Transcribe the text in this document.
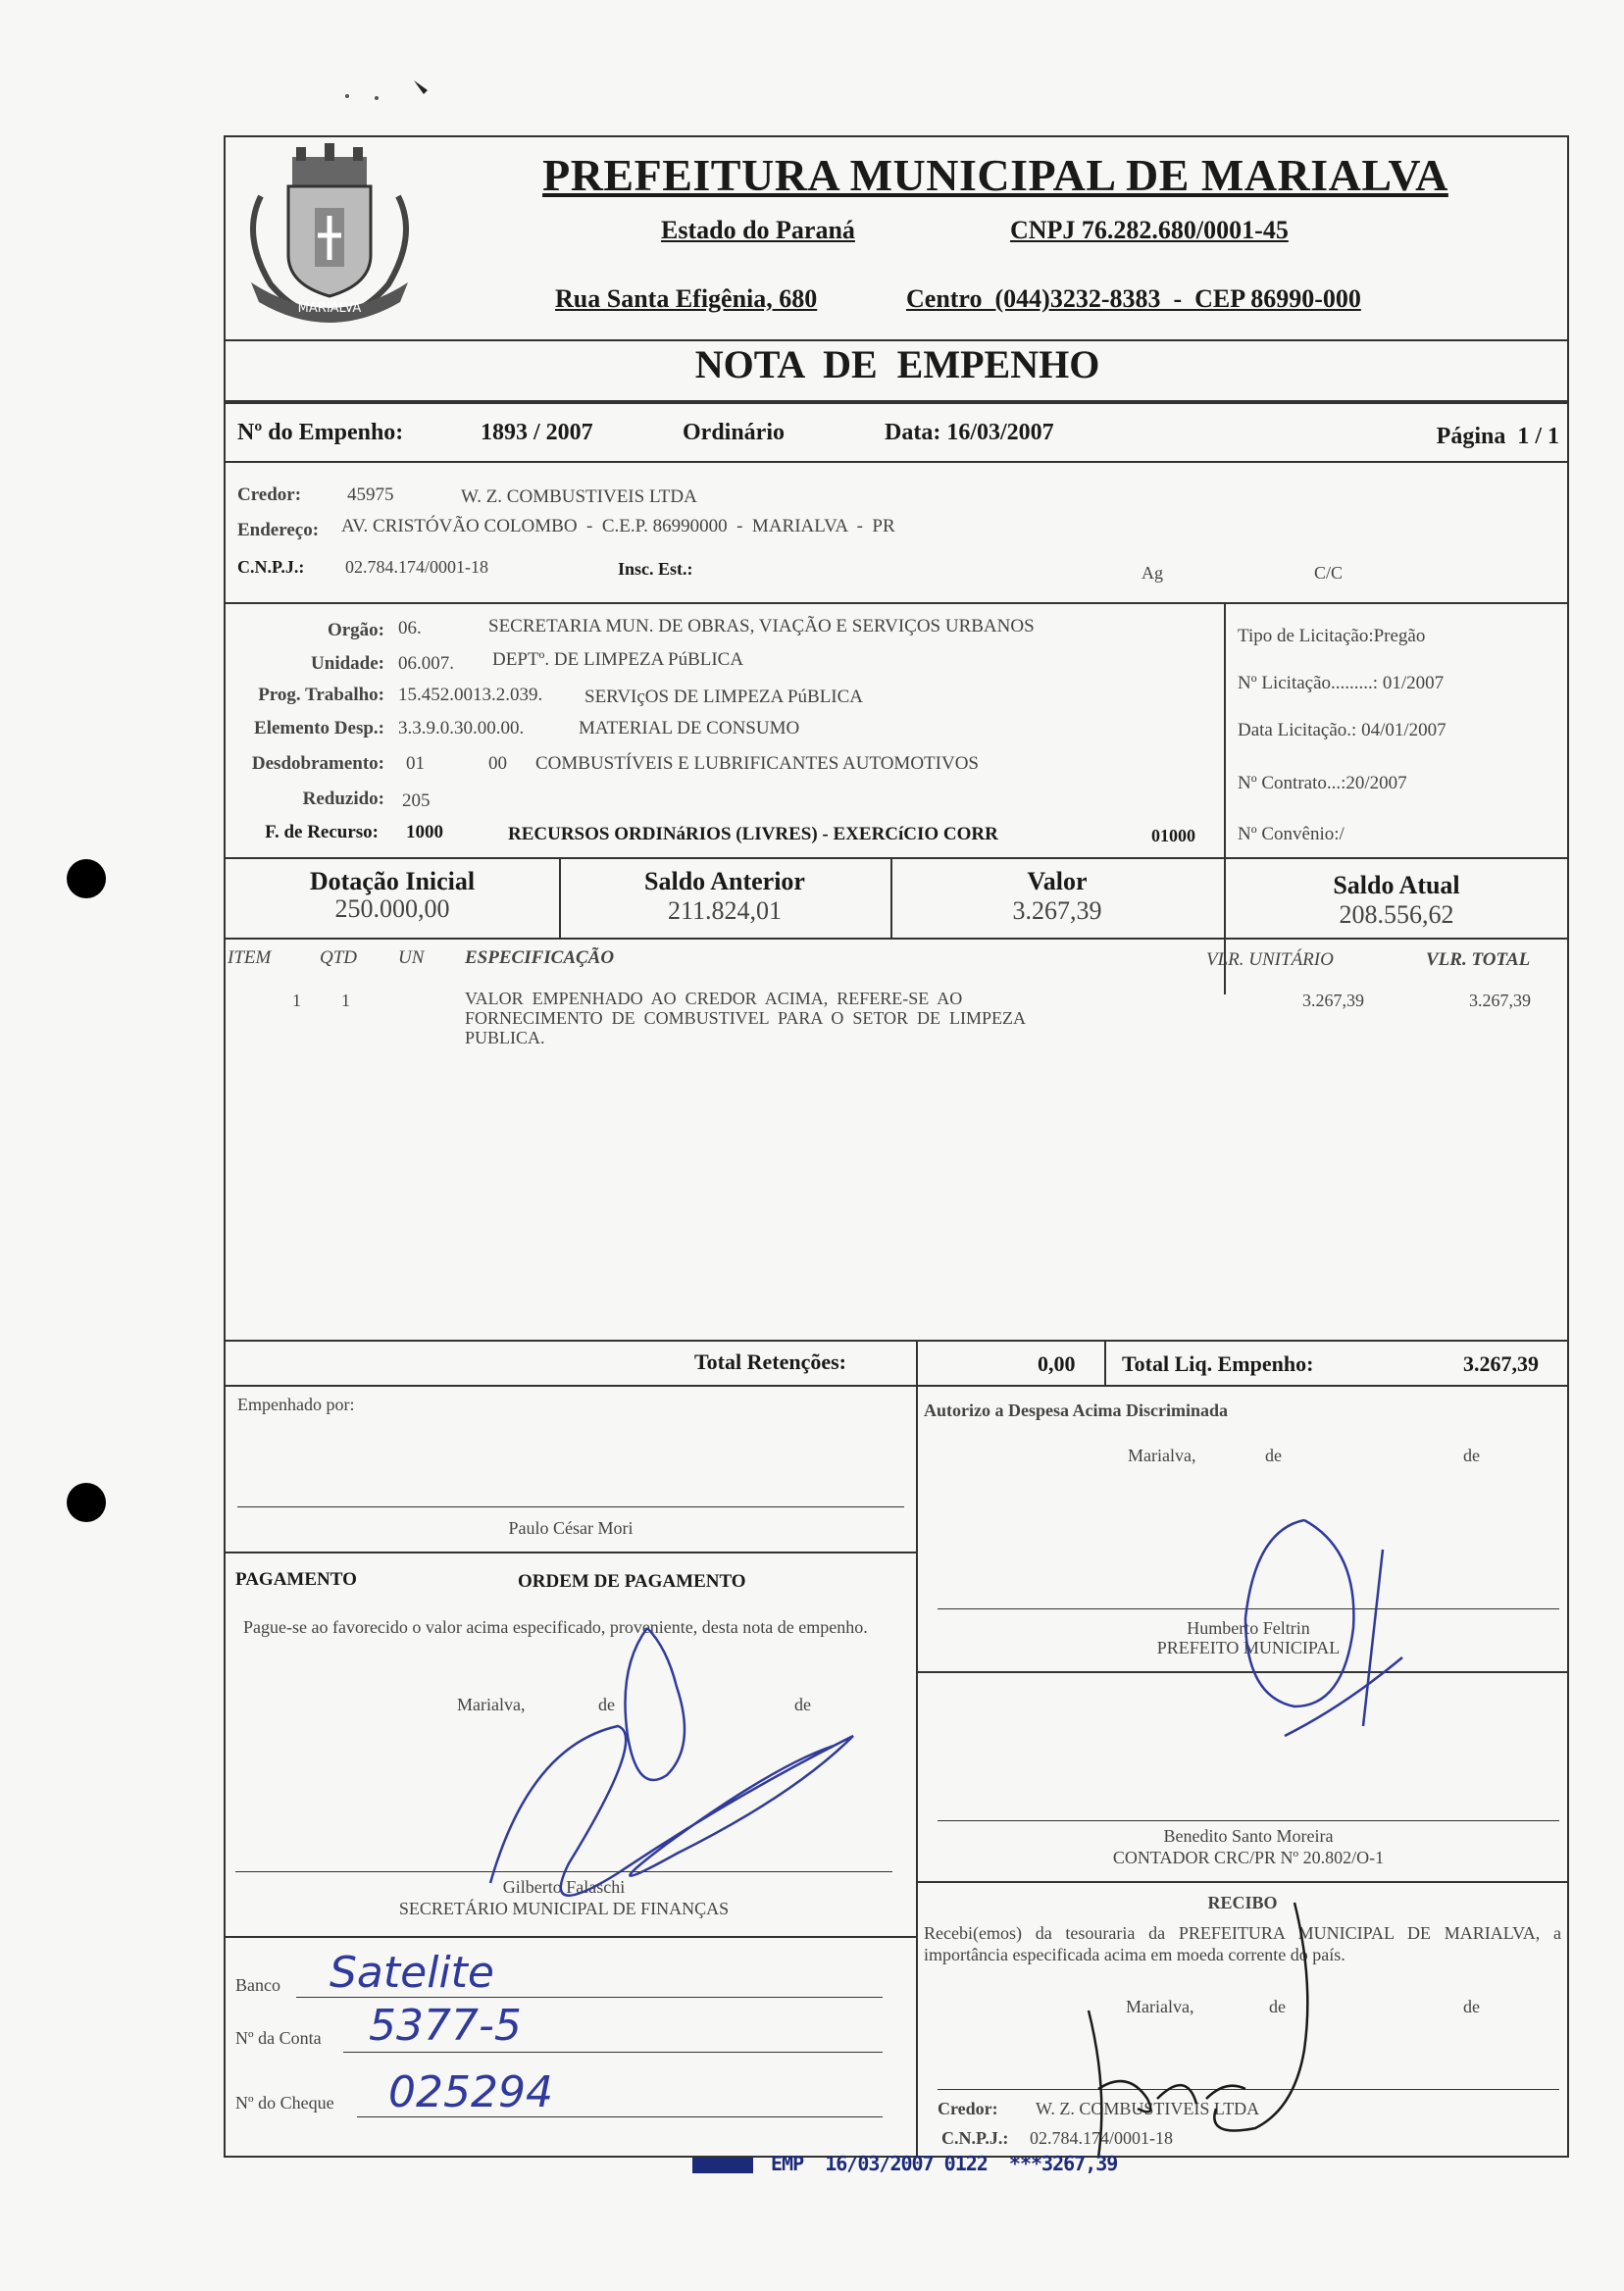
MARIALVA
PREFEITURA MUNICIPAL DE MARIALVA
Estado do Paraná	CNPJ 76.282.680/0001-45
Rua Santa Efigênia, 680	Centro  (044)3232-8383  -  CEP 86990-000
NOTA  DE  EMPENHO
Nº do Empenho:	1893 / 2007	Ordinário	Data: 16/03/2007	Página  1 / 1
Credor: 45975	W. Z. COMBUSTIVEIS LTDA
Endereço: AV. CRISTÓVÃO COLOMBO  -  C.E.P. 86990000  -  MARIALVA  -  PR
C.N.P.J.: 02.784.174/0001-18	Insc. Est.:	Ag	C/C
Orgão: 06.	SECRETARIA MUN. DE OBRAS, VIAÇÃO E SERVIÇOS URBANOS
Unidade: 06.007. DEPTº. DE LIMPEZA PúBLICA
Prog. Trabalho: 15.452.0013.2.039. SERVIçOS DE LIMPEZA PúBLICA
Elemento Desp.: 3.3.9.0.30.00.00.	MATERIAL DE CONSUMO
Desdobramento: 01	00 COMBUSTÍVEIS E LUBRIFICANTES AUTOMOTIVOS
Reduzido: 205
F. de Recurso: 1000	RECURSOS ORDINáRIOS (LIVRES) - EXERCíCIO CORR	01000
Tipo de Licitação:Pregão
Nº Licitação.........: 01/2007
Data Licitação.: 04/01/2007
Nº Contrato...:20/2007
Nº Convênio:/
Dotação Inicial
250.000,00
Saldo Anterior
211.824,01
Valor
3.267,39
Saldo Atual
208.556,62
ITEM	QTD UN ESPECIFICAÇÃO	VLR. UNITÁRIO	VLR. TOTAL
1 1	VALOR  EMPENHADO  AO  CREDOR  ACIMA,  REFERE-SE  AO
FORNECIMENTO  DE  COMBUSTIVEL  PARA  O  SETOR  DE  LIMPEZA
PUBLICA.
3.267,39	3.267,39
Total Retenções:	0,00 Total Liq. Empenho:	3.267,39
Empenhado por:
Paulo César Mori
PAGAMENTO	ORDEM DE PAGAMENTO
Pague-se ao favorecido o valor acima especificado, proveniente, desta nota de empenho.
Marialva,	de	de
Gilberto Falaschi
SECRETÁRIO MUNICIPAL DE FINANÇAS
Banco Satelite
Nº da Conta 5377-5
Nº do Cheque 025294
Autorizo a Despesa Acima Discriminada
Marialva,	de	de
Humberto Feltrin
PREFEITO MUNICIPAL
Benedito Santo Moreira
CONTADOR CRC/PR Nº 20.802/O-1
RECIBO
Recebi(emos) da tesouraria da PREFEITURA MUNICIPAL DE MARIALVA, a importância especificada acima em moeda corrente do país.
Marialva,	de	de
Credor: W. Z. COMBUSTIVEIS LTDA
C.N.P.J.: 02.784.174/0001-18
EMP  16/03/2007 0122  ***3267,39
